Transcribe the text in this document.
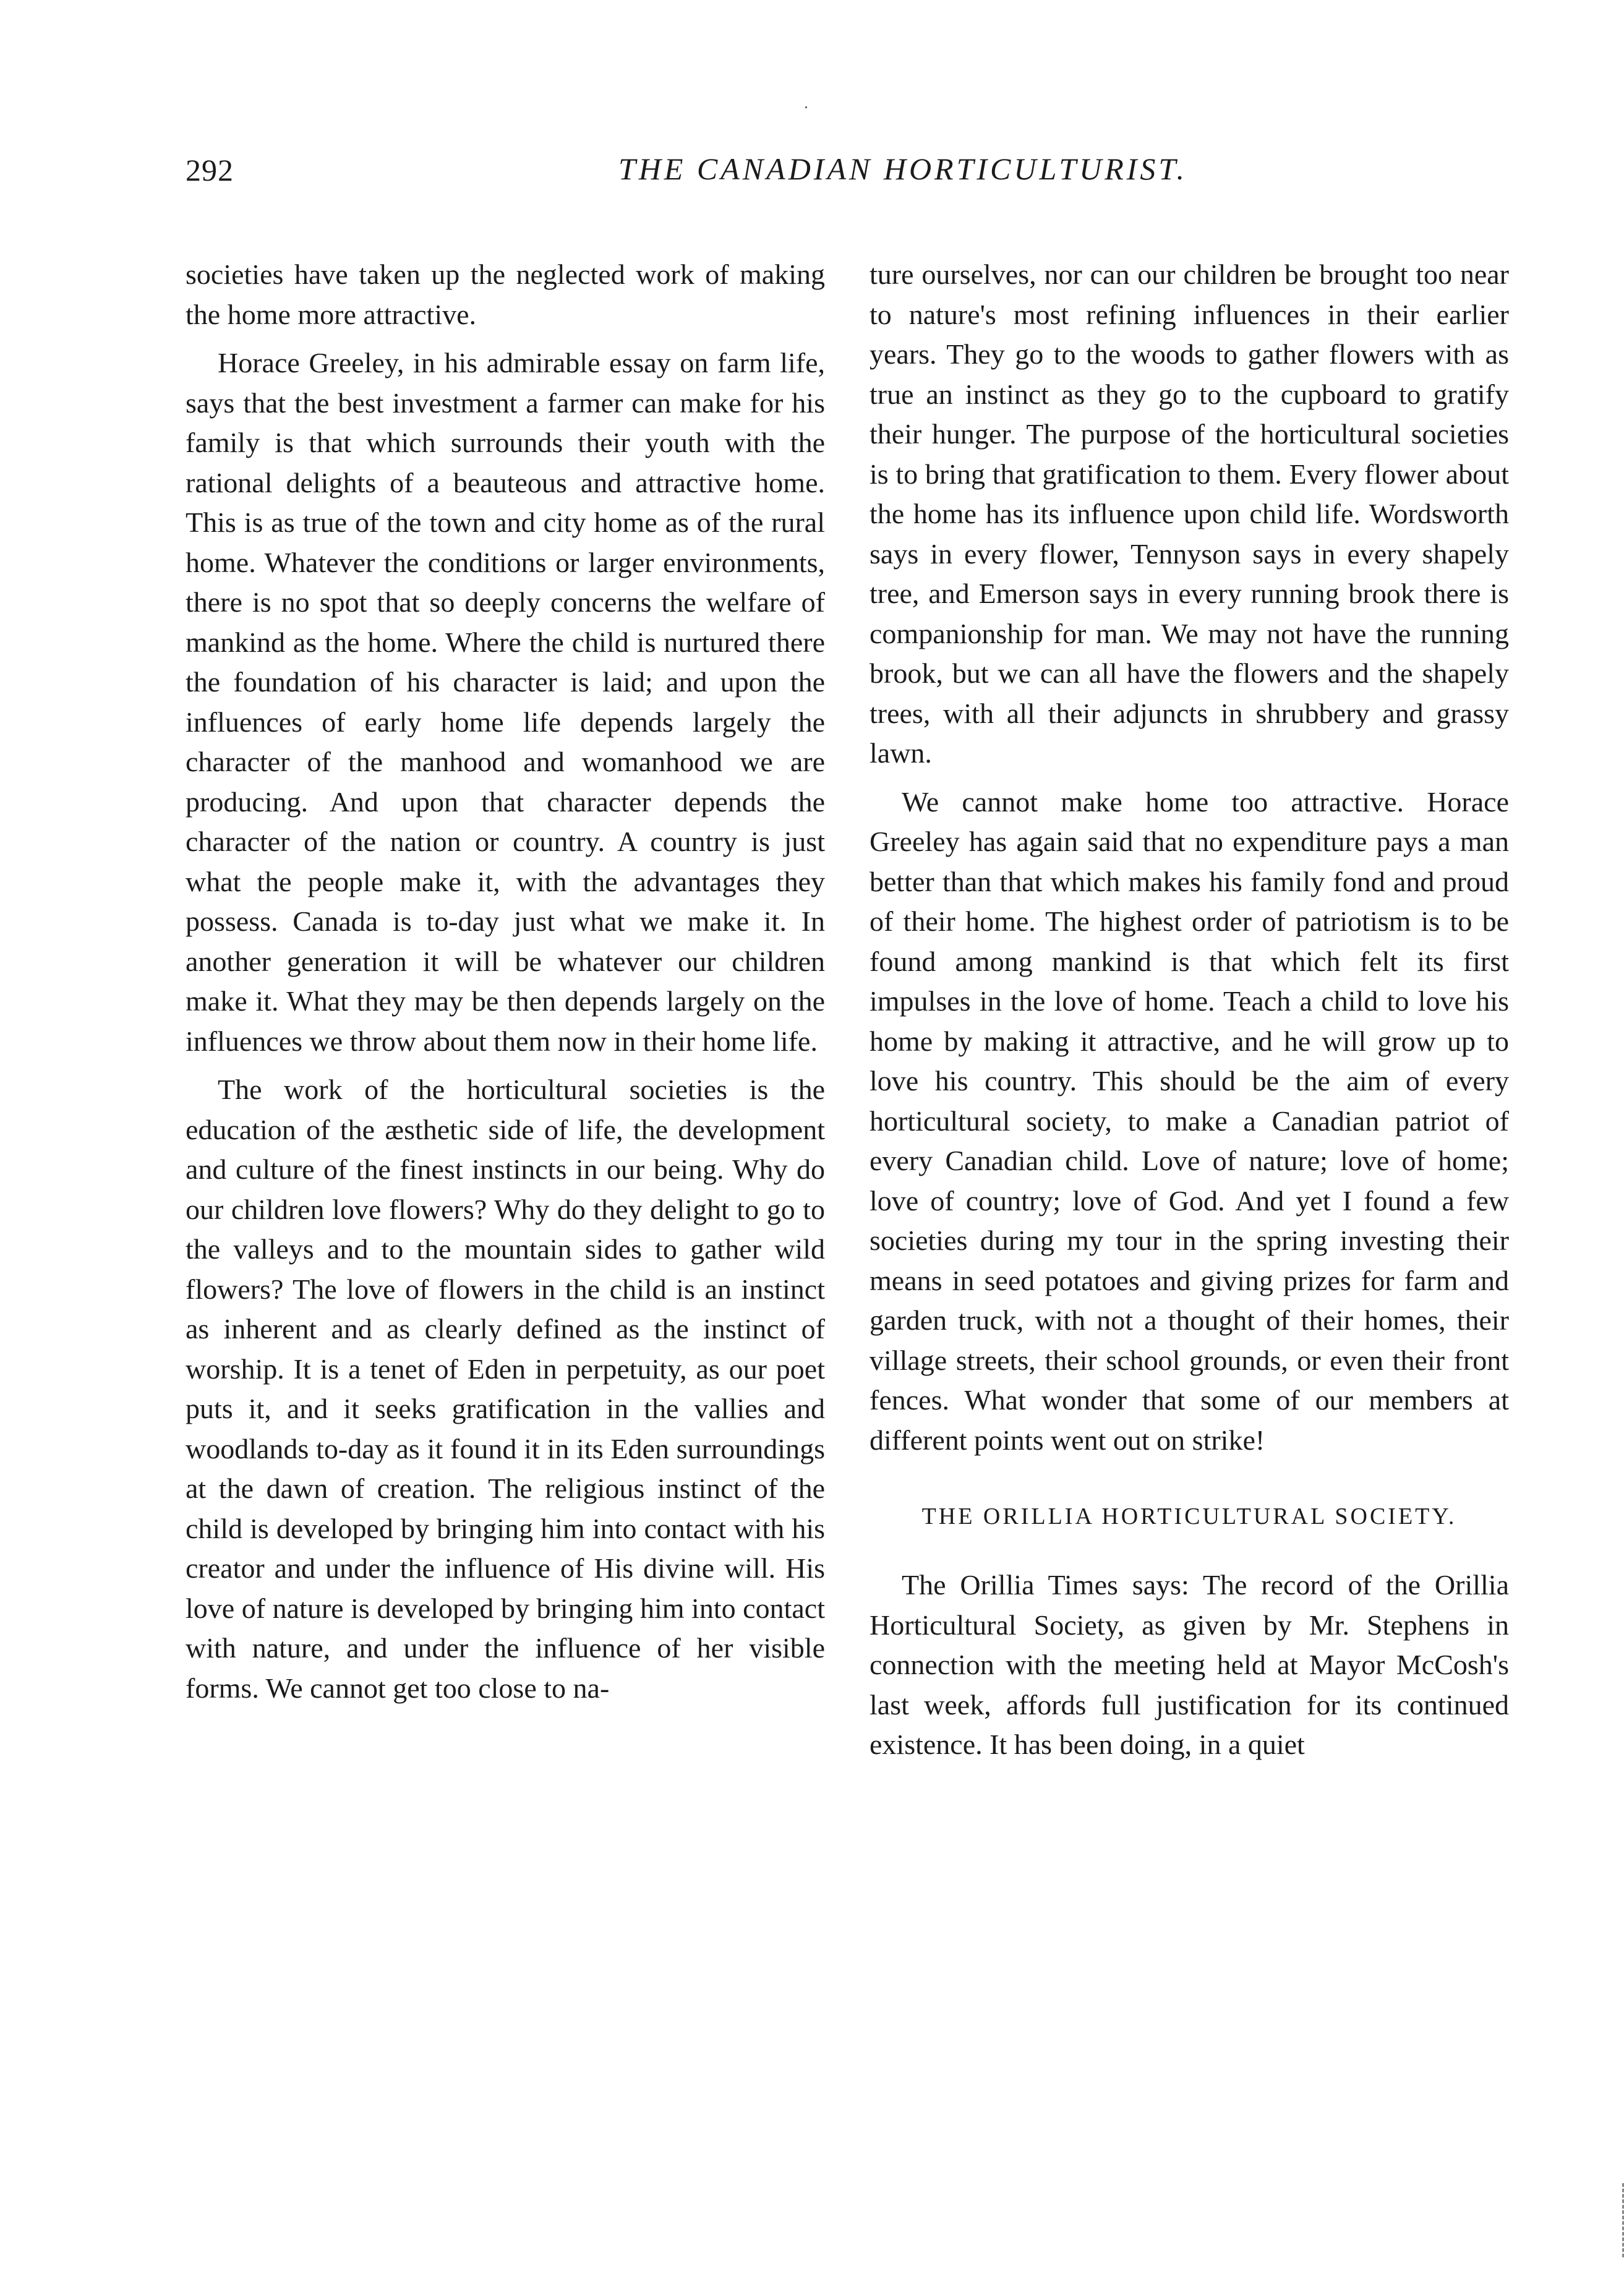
292	THE CANADIAN HORTICULTURIST.

societies have taken up the neglected work of making the home more attractive.

Horace Greeley, in his admirable essay on farm life, says that the best investment a farmer can make for his family is that which surrounds their youth with the rational delights of a beauteous and attractive home. This is as true of the town and city home as of the rural home. Whatever the conditions or larger environments, there is no spot that so deeply concerns the welfare of mankind as the home. Where the child is nurtured there the foundation of his character is laid; and upon the influences of early home life depends largely the character of the manhood and womanhood we are producing. And upon that character depends the character of the nation or country. A country is just what the people make it, with the advantages they possess. Canada is to-day just what we make it. In another generation it will be whatever our children make it. What they may be then depends largely on the influences we throw about them now in their home life.

The work of the horticultural societies is the education of the æsthetic side of life, the development and culture of the finest instincts in our being. Why do our children love flowers? Why do they delight to go to the valleys and to the mountain sides to gather wild flowers? The love of flowers in the child is an instinct as inherent and as clearly defined as the instinct of worship. It is a tenet of Eden in perpetuity, as our poet puts it, and it seeks gratification in the vallies and woodlands to-day as it found it in its Eden surroundings at the dawn of creation. The religious instinct of the child is developed by bringing him into contact with his creator and under the influence of His divine will. His love of nature is developed by bringing him into contact with nature, and under the influence of her visible forms. We cannot get too close to na-

ture ourselves, nor can our children be brought too near to nature's most refining influences in their earlier years. They go to the woods to gather flowers with as true an instinct as they go to the cupboard to gratify their hunger. The purpose of the horticultural societies is to bring that gratification to them. Every flower about the home has its influence upon child life. Wordsworth says in every flower, Tennyson says in every shapely tree, and Emerson says in every running brook there is companionship for man. We may not have the running brook, but we can all have the flowers and the shapely trees, with all their adjuncts in shrubbery and grassy lawn.

We cannot make home too attractive. Horace Greeley has again said that no expenditure pays a man better than that which makes his family fond and proud of their home. The highest order of patriotism is to be found among mankind is that which felt its first impulses in the love of home. Teach a child to love his home by making it attractive, and he will grow up to love his country. This should be the aim of every horticultural society, to make a Canadian patriot of every Canadian child. Love of nature; love of home; love of country; love of God. And yet I found a few societies during my tour in the spring investing their means in seed potatoes and giving prizes for farm and garden truck, with not a thought of their homes, their village streets, their school grounds, or even their front fences. What wonder that some of our members at different points went out on strike!

THE ORILLIA HORTICULTURAL SOCIETY.

The Orillia Times says: The record of the Orillia Horticultural Society, as given by Mr. Stephens in connection with the meeting held at Mayor McCosh's last week, affords full justification for its continued existence. It has been doing, in a quiet
